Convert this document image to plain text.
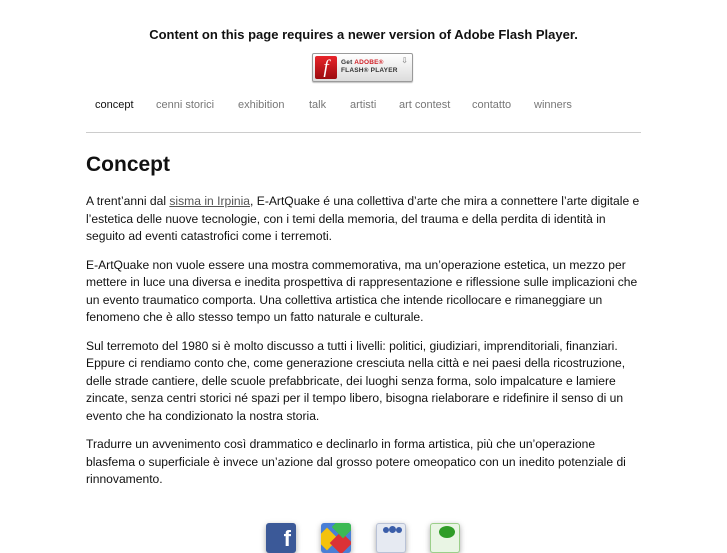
Content on this page requires a newer version of Adobe Flash Player.
f	Get ADOBE®
FLASH® PLAYER
⇩
concept cenni storici exhibition talk artisti art contest contatto winners
Concept

A trent’anni dal sisma in Irpinia, E-ArtQuake é una collettiva d’arte che mira a connettere l’arte digitale e l’estetica delle nuove tecnologie, con i temi della memoria, del trauma e della perdita di identità in seguito ad eventi catastrofici come i terremoti.

E-ArtQuake non vuole essere una mostra commemorativa, ma un’operazione estetica, un mezzo per mettere in luce una diversa e inedita prospettiva di rappresentazione e riflessione sulle implicazioni che un evento traumatico comporta. Una collettiva artistica che intende ricollocare e rimaneggiare un fenomeno che è allo stesso tempo un fatto naturale e culturale.

Sul terremoto del 1980 si è molto discusso a tutti i livelli: politici, giudiziari, imprenditoriali, finanziari. Eppure ci rendiamo conto che, come generazione cresciuta nella città e nei paesi della ricostruzione, delle strade cantiere, delle scuole prefabbricate, dei luoghi senza forma, solo impalcature e lamiere zincate, senza centri storici né spazi per il tempo libero, bisogna rielaborare e ridefinire il senso di un evento che ha condizionato la nostra storia.

Tradurre un avvenimento così drammatico e declinarlo in forma artistica, più che un’operazione blasfema o superficiale è invece un’azione dal grosso potere omeopatico con un inedito potenziale di rinnovamento.

f
